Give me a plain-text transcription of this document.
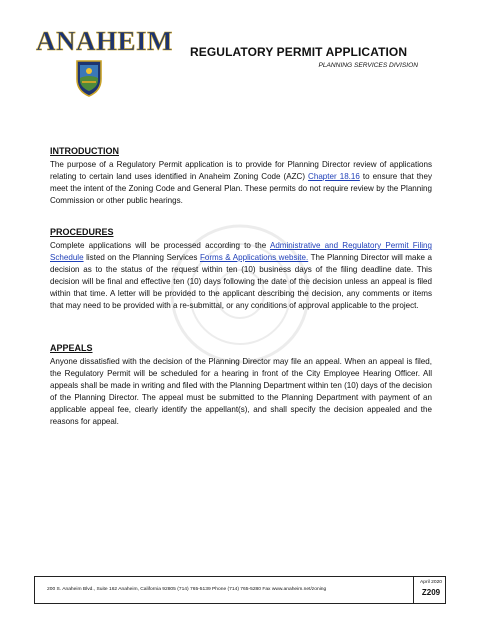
ANAHEIM REGULATORY PERMIT APPLICATION
PLANNING SERVICES DIVISION
INTRODUCTION
The purpose of a Regulatory Permit application is to provide for Planning Director review of applications relating to certain land uses identified in Anaheim Zoning Code (AZC) Chapter 18.16 to ensure that they meet the intent of the Zoning Code and General Plan. These permits do not require review by the Planning Commission or other public hearings.
PROCEDURES
Complete applications will be processed according to the Administrative and Regulatory Permit Filing Schedule listed on the Planning Services Forms & Applications website. The Planning Director will make a decision as to the status of the request within ten (10) business days of the filing deadline date. This decision will be final and effective ten (10) days following the date of the decision unless an appeal is filed within that time. A letter will be provided to the applicant describing the decision, any comments or items that may need to be provided with a re-submittal, or any conditions of approval applicable to the project.
APPEALS
Anyone dissatisfied with the decision of the Planning Director may file an appeal. When an appeal is filed, the Regulatory Permit will be scheduled for a hearing in front of the City Employee Hearing Officer. All appeals shall be made in writing and filed with the Planning Department within ten (10) days of the decision of the Planning Director. The appeal must be submitted to the Planning Department with payment of an applicable appeal fee, clearly identify the appellant(s), and shall specify the decision appealed and the reasons for appeal.
200 S. Anaheim Blvd., Suite 162 Anaheim, California 92805 (714) 765-5139 Phone (714) 765-5280 Fax www.anaheim.net/zoning
April 2020
Z209
